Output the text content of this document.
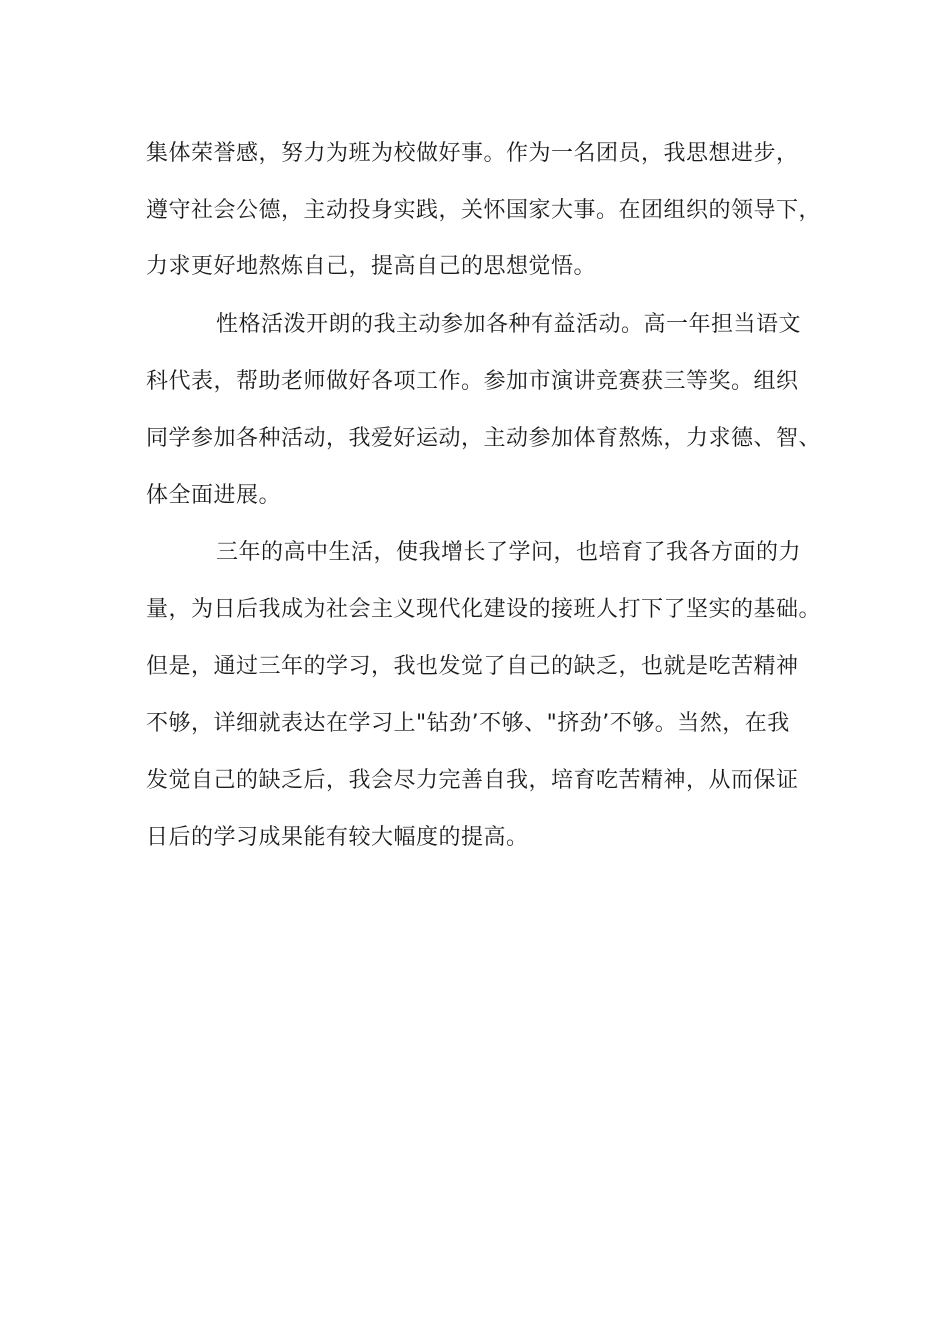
集体荣誉感，努力为班为校做好事。作为一名团员，我思想进步，

遵守社会公德，主动投身实践，关怀国家大事。在团组织的领导下，

力求更好地熬炼自己，提高自己的思想觉悟。

性格活泼开朗的我主动参加各种有益活动。高一年担当语文

科代表，帮助老师做好各项工作。参加市演讲竞赛获三等奖。组织

同学参加各种活动，我爱好运动，主动参加体育熬炼，力求德、智、

体全面进展。

三年的高中生活，使我增长了学问，也培育了我各方面的力

量，为日后我成为社会主义现代化建设的接班人打下了坚实的基础。

但是，通过三年的学习，我也发觉了自己的缺乏，也就是吃苦精神

不够，详细就表达在学习上"钻劲’不够、"挤劲’不够。当然，在我

发觉自己的缺乏后，我会尽力完善自我，培育吃苦精神，从而保证

日后的学习成果能有较大幅度的提高。
